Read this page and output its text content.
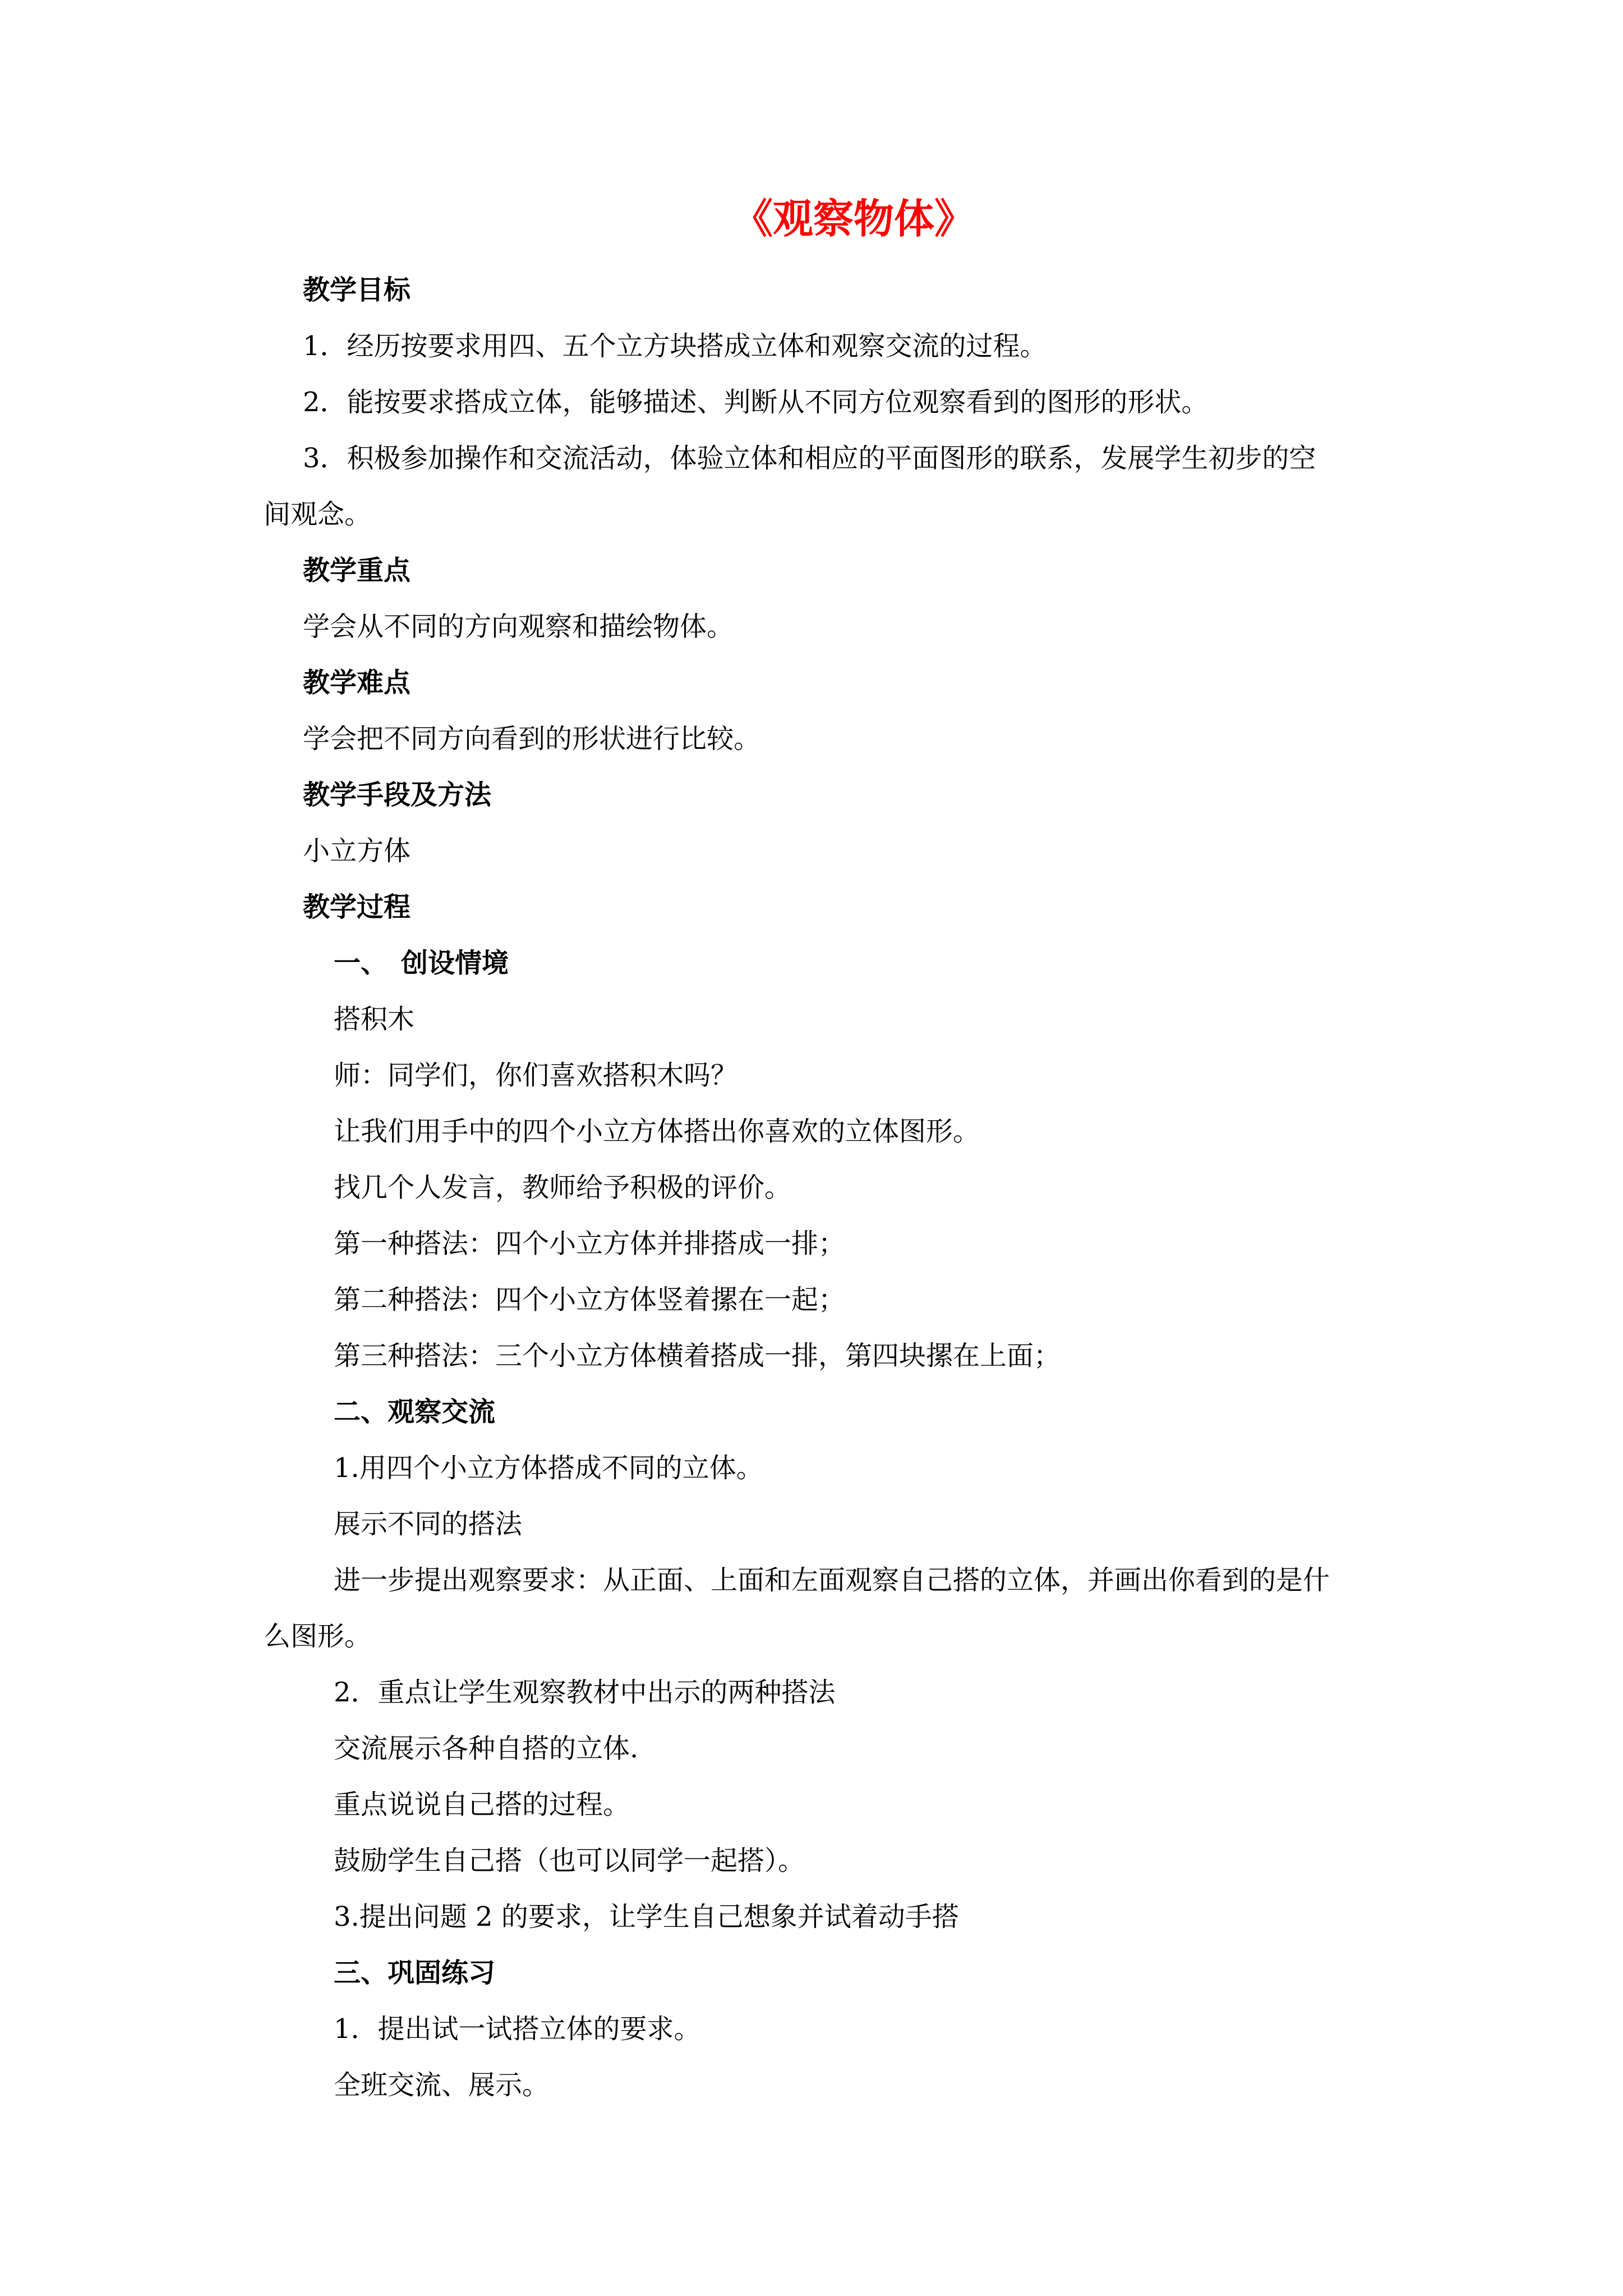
《观察物体》
教学目标
1．经历按要求用四、五个立方块搭成立体和观察交流的过程。
2．能按要求搭成立体，能够描述、判断从不同方位观察看到的图形的形状。
3．积极参加操作和交流活动，体验立体和相应的平面图形的联系，发展学生初步的空
间观念。
教学重点
学会从不同的方向观察和描绘物体。
教学难点
学会把不同方向看到的形状进行比较。
教学手段及方法
小立方体
教学过程
一、　创设情境
搭积木
师：同学们，你们喜欢搭积木吗？
让我们用手中的四个小立方体搭出你喜欢的立体图形。
找几个人发言，教师给予积极的评价。
第一种搭法：四个小立方体并排搭成一排；
第二种搭法：四个小立方体竖着摞在一起；
第三种搭法：三个小立方体横着搭成一排，第四块摞在上面；
二、观察交流
1.用四个小立方体搭成不同的立体。
展示不同的搭法
进一步提出观察要求：从正面、上面和左面观察自己搭的立体，并画出你看到的是什
么图形。
2．重点让学生观察教材中出示的两种搭法
交流展示各种自搭的立体.
重点说说自己搭的过程。
鼓励学生自己搭（也可以同学一起搭）。
3.提出问题 2 的要求，让学生自己想象并试着动手搭
三、巩固练习
1．提出试一试搭立体的要求。
全班交流、展示。
